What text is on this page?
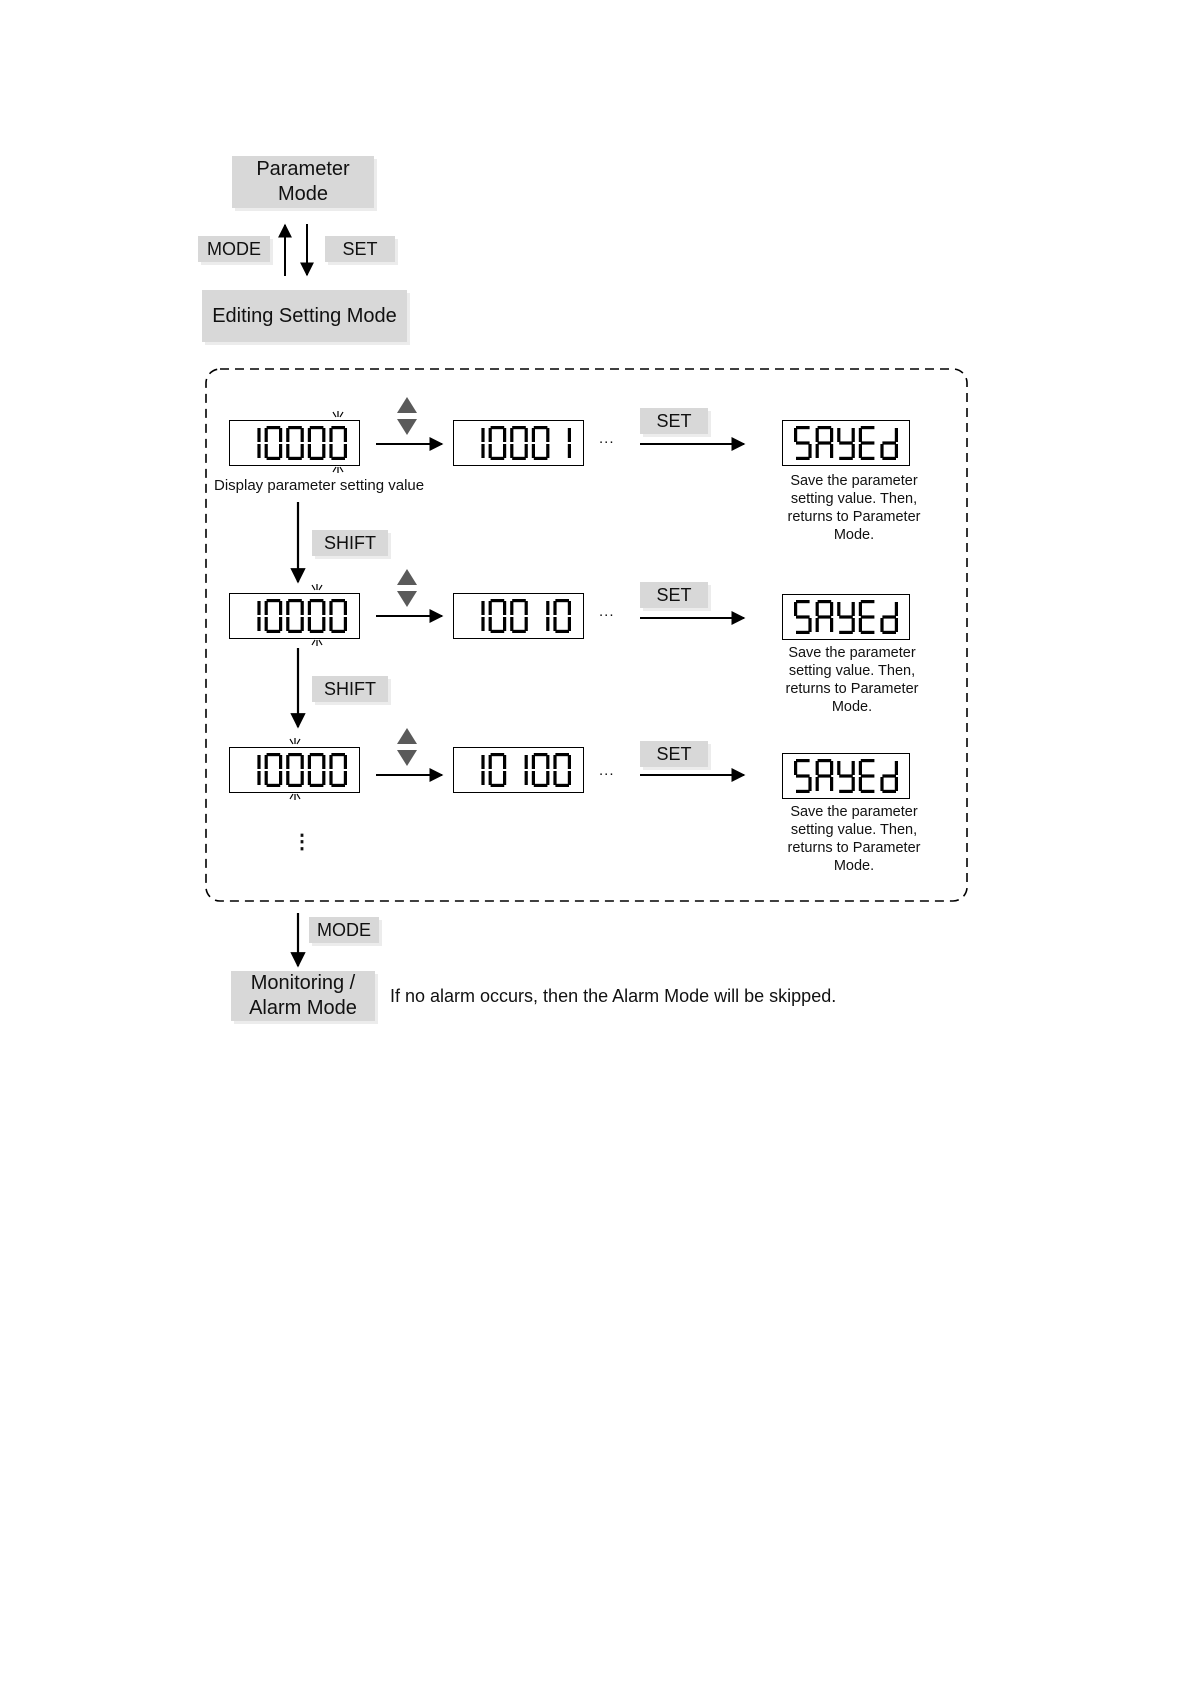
Parameter
Mode
MODE	SET
Editing Setting Mode
Display parameter setting value
...
SET
Save the parameter setting value. Then, returns to Parameter Mode.
SHIFT
...
SET
Save the parameter setting value. Then, returns to Parameter Mode.
SHIFT
...
SET
Save the parameter setting value. Then, returns to Parameter Mode.
⋮
MODE
Monitoring /
Alarm Mode
If no alarm occurs, then the Alarm Mode will be skipped.
